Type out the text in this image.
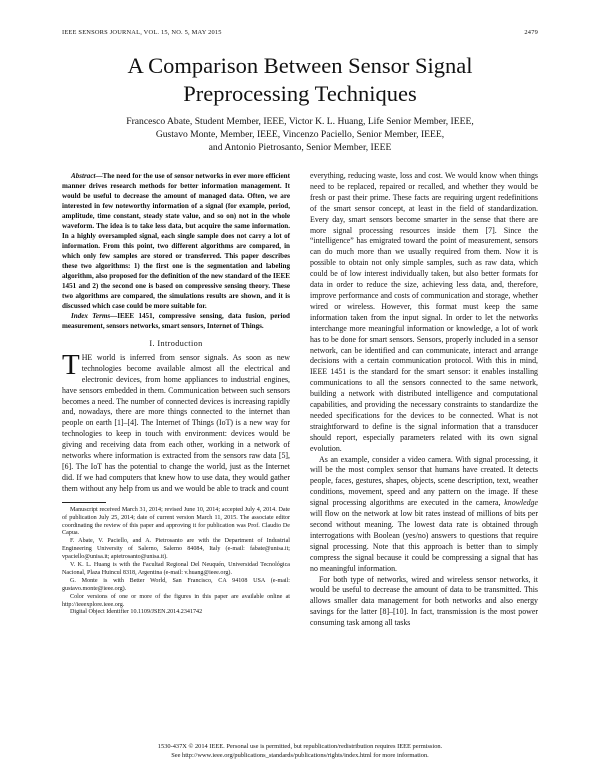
IEEE SENSORS JOURNAL, VOL. 15, NO. 5, MAY 2015	2479
A Comparison Between Sensor Signal
Preprocessing Techniques
Francesco Abate, Student Member, IEEE, Victor K. L. Huang, Life Senior Member, IEEE,
Gustavo Monte, Member, IEEE, Vincenzo Paciello, Senior Member, IEEE,
and Antonio Pietrosanto, Senior Member, IEEE

Abstract—The need for the use of sensor networks in ever more efficient manner drives research methods for better information management. It would be useful to decrease the amount of managed data. Often, we are interested in few noteworthy information of a signal (for example, period, amplitude, time constant, steady state value, and so on) not in the whole waveform. The idea is to take less data, but acquire the same information. In a highly oversampled signal, each single sample does not carry a lot of information. From this point, two different algorithms are compared, in which only few samples are stored or transferred. This paper describes these two algorithms: 1) the first one is the segmentation and labeling algorithm, also proposed for the definition of the new standard of the IEEE 1451 and 2) the second one is based on compressive sensing theory. These two algorithms are compared, the simulations results are shown, and it is discussed which case could be more suitable for.

Index Terms—IEEE 1451, compressive sensing, data fusion, period measurement, sensors networks, smart sensors, Internet of Things.

I. Introduction

THE world is inferred from sensor signals. As soon as new technologies become available almost all the electrical and electronic devices, from home appliances to industrial engines, have sensors embedded in them. Communication between such sensors becomes a need. The number of connected devices is increasing rapidly and, nowadays, there are more things connected to the internet than people on earth [1]–[4]. The Internet of Things (IoT) is a new way for technologies to keep in touch with environment: devices would be giving and receiving data from each other, working in a network of networks where information is extracted from the sensors raw data [5], [6]. The IoT has the potential to change the world, just as the Internet did. If we had computers that knew how to use data, they would gather them without any help from us and we would be able to track and count

Manuscript received March 31, 2014; revised June 10, 2014; accepted July 4, 2014. Date of publication July 25, 2014; date of current version March 11, 2015. The associate editor coordinating the review of this paper and approving it for publication was Prof. Claudio De Capua.
F. Abate, V. Paciello, and A. Pietrosanto are with the Department of Industrial Engineering University of Salerno, Salerno 84084, Italy (e-mail: fabate@unisa.it; vpaciello@unisa.it; apietrosanto@unisa.it).
V. K. L. Huang is with the Facultad Regional Del Neuquén, Universidad Tecnológica Nacional, Plaza Huincul 8318, Argentina (e-mail: v.huang@ieee.org).
G. Monte is with Better World, San Francisco, CA 94108 USA (e-mail: gustavo.monte@ieee.org).
Color versions of one or more of the figures in this paper are available online at http://ieeexplore.ieee.org.
Digital Object Identifier 10.1109/JSEN.2014.2341742

everything, reducing waste, loss and cost. We would know when things need to be replaced, repaired or recalled, and whether they would be fresh or past their prime. These facts are requiring urgent redefinitions of the smart sensor concept, at least in the field of standardization. Every day, smart sensors become smarter in the sense that there are more signal processing resources inside them [7]. Since the “intelligence” has emigrated toward the point of measurement, sensors can do much more than we usually required from them. Now it is possible to obtain not only simple samples, such as raw data, which could be of low interest individually taken, but also better formats for data in order to reduce the size, achieving less data, and, therefore, improve performance and costs of communication and storage, whether wired or wireless. However, this format must keep the same information taken from the input signal. In order to let the networks interchange more meaningful information or knowledge, a lot of work has to be done for smart sensors. Sensors, properly included in a sensor network, can be identified and can communicate, interact and arrange decisions with a certain communication protocol. With this in mind, IEEE 1451 is the standard for the smart sensor: it enables installing communications to all the sensors connected to the same network, building a network with distributed intelligence and computational capabilities, and providing the necessary constraints to standardize the needed specifications for the devices to be connected. What is not straightforward to define is the signal information that a transducer should report, especially parameters related with its own signal evolution.

As an example, consider a video camera. With signal processing, it will be the most complex sensor that humans have created. It detects people, faces, gestures, shapes, objects, scene description, text, weather conditions, movement, speed and any pattern on the image. If these signal processing algorithms are executed in the camera, knowledge will flow on the network at low bit rates instead of millions of bits per second without meaning. The lowest data rate is obtained through interrogations with Boolean (yes/no) answers to questions that require signal processing. Note that this approach is better than to simply compress the signal because it could be compressing a signal that has no meaningful information.

For both type of networks, wired and wireless sensor networks, it would be useful to decrease the amount of data to be transmitted. This allows smaller data management for both networks and also energy savings for the latter [8]–[10]. In fact, transmission is the most power consuming task among all tasks

1530-437X © 2014 IEEE. Personal use is permitted, but republication/redistribution requires IEEE permission.
See http://www.ieee.org/publications_standards/publications/rights/index.html for more information.
